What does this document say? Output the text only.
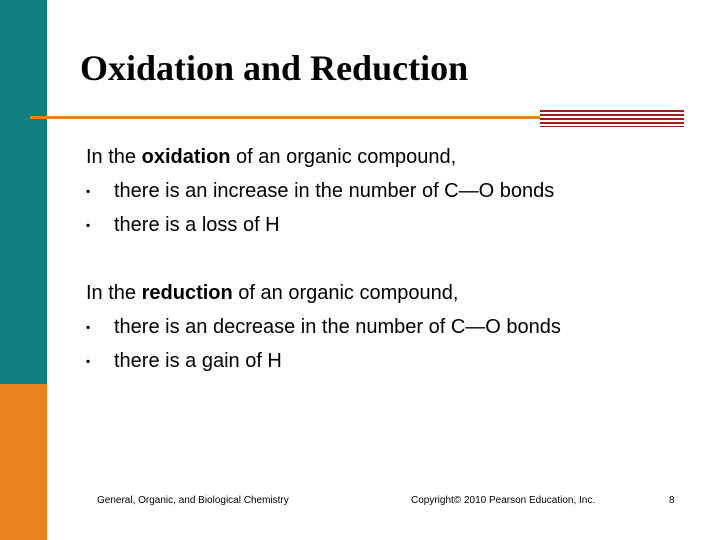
Oxidation and Reduction
In the oxidation of an organic compound,
▪ there is an increase in the number of C—O bonds
▪ there is a loss of H
In the reduction of an organic compound,
▪ there is an decrease in the number of C—O bonds
▪ there is a gain of H
General, Organic, and Biological Chemistry	Copyright© 2010 Pearson Education, Inc.	8
